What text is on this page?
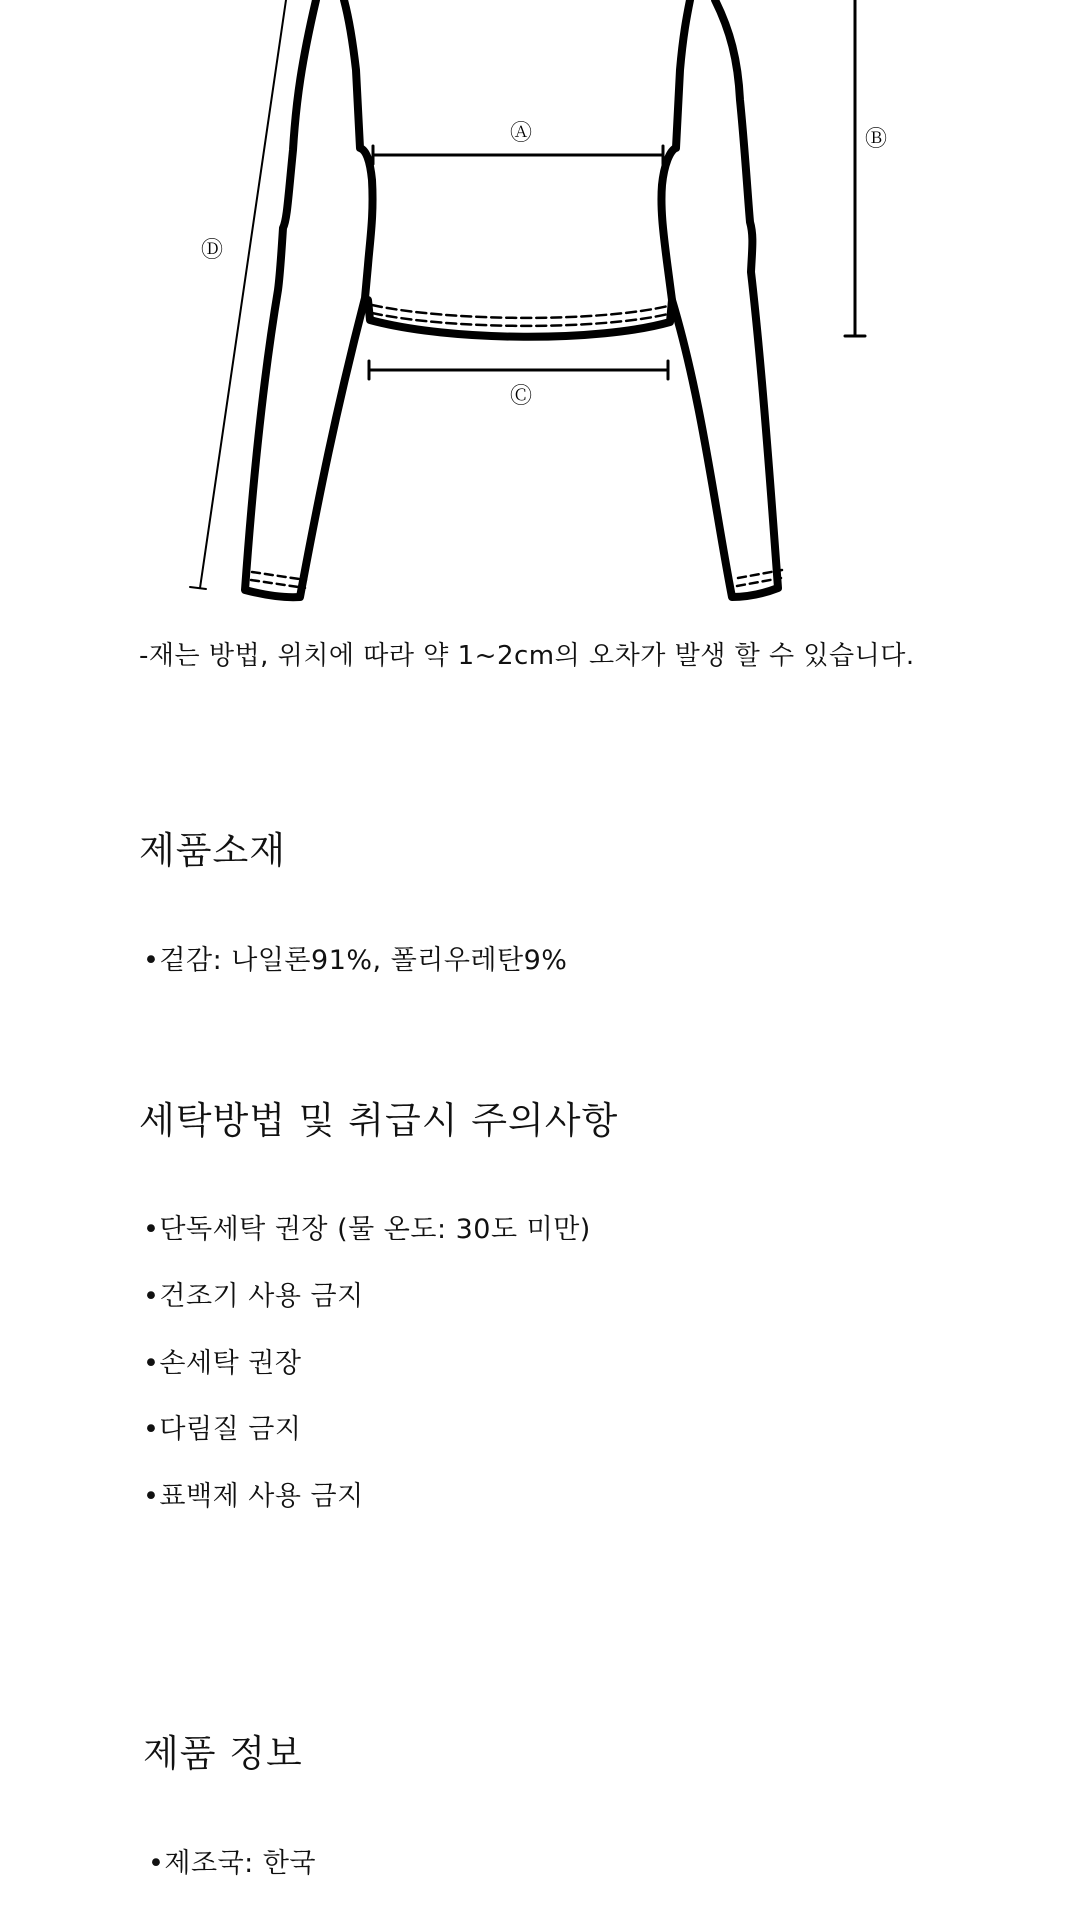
Ⓐ	Ⓑ
Ⓒ
Ⓓ
-재는 방법, 위치에 따라 약 1~2cm의 오차가 발생 할 수 있습니다.
제품소재
•겉감: 나일론91%, 폴리우레탄9%
세탁방법 및 취급시 주의사항
•단독세탁 권장 (물 온도: 30도 미만)
•건조기 사용 금지
•손세탁 권장
•다림질 금지
•표백제 사용 금지
제품 정보
•제조국: 한국
